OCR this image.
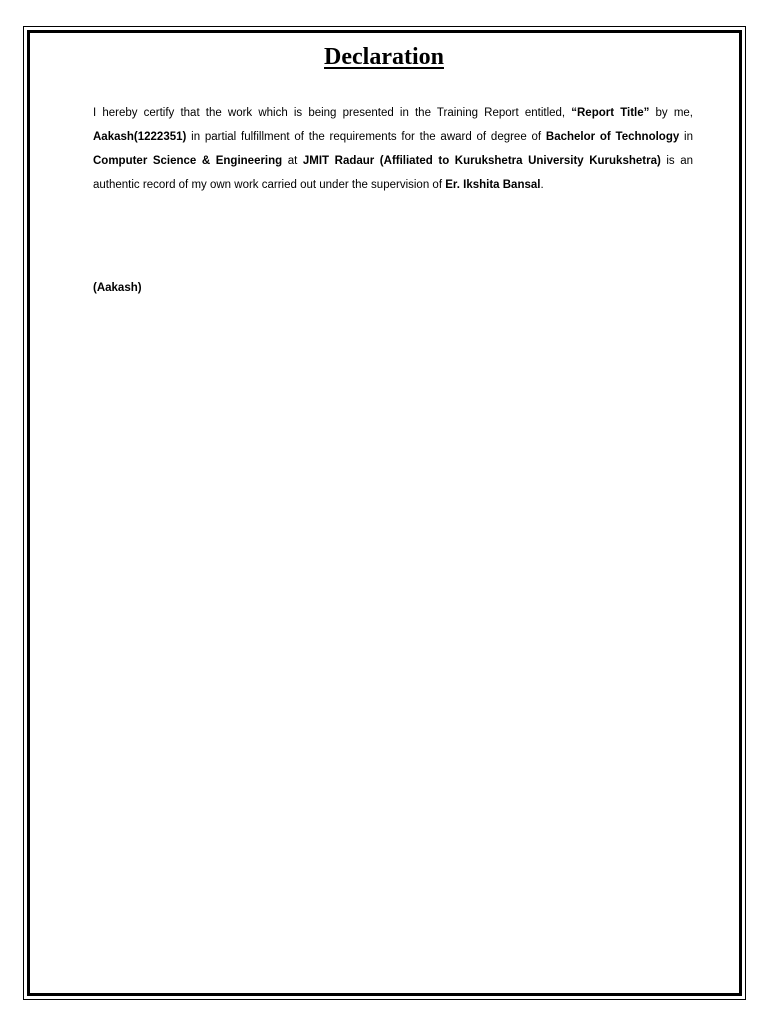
Declaration

I hereby certify that the work which is being presented in the Training Report entitled, “Report Title” by me, Aakash(1222351) in partial fulfillment of the requirements for the award of degree of Bachelor of Technology in Computer Science & Engineering at JMIT Radaur (Affiliated to Kurukshetra University Kurukshetra) is an authentic record of my own work carried out under the supervision of Er. Ikshita Bansal.

(Aakash)
